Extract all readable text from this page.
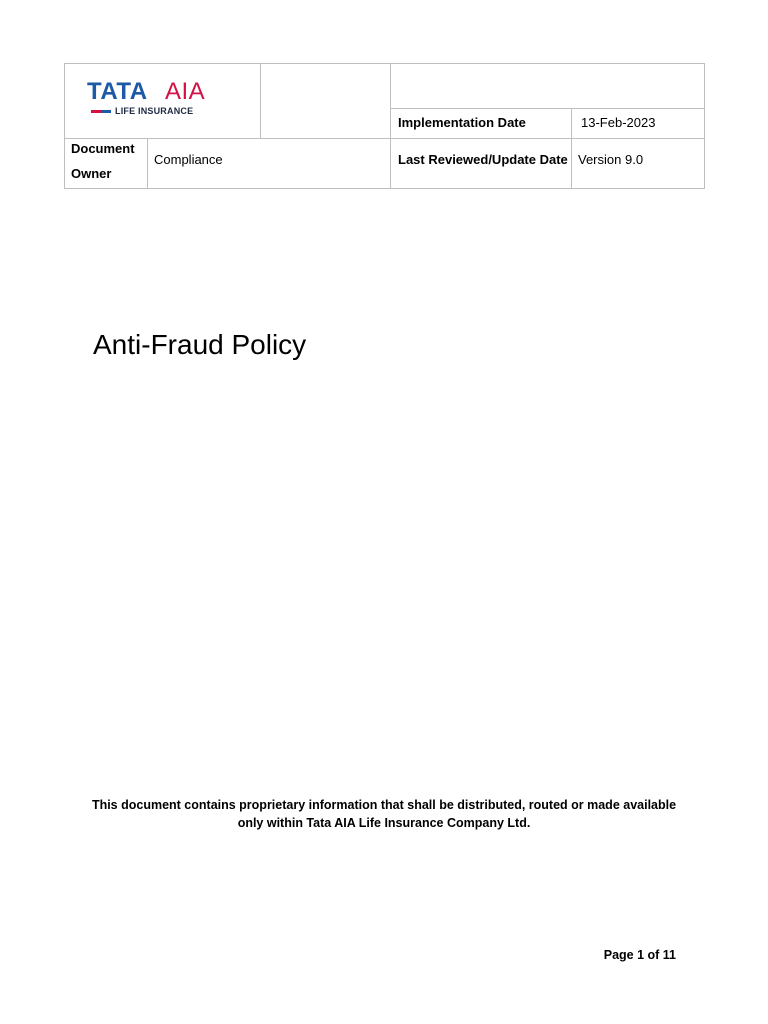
TATA AIA
LIFE INSURANCE
Implementation Date	13-Feb-2023
Document
Owner
Compliance	Last Reviewed/Update Date Version 9.0
Anti-Fraud Policy
This document contains proprietary information that shall be distributed, routed or made available
only within Tata AIA Life Insurance Company Ltd.
Page 1 of 11
